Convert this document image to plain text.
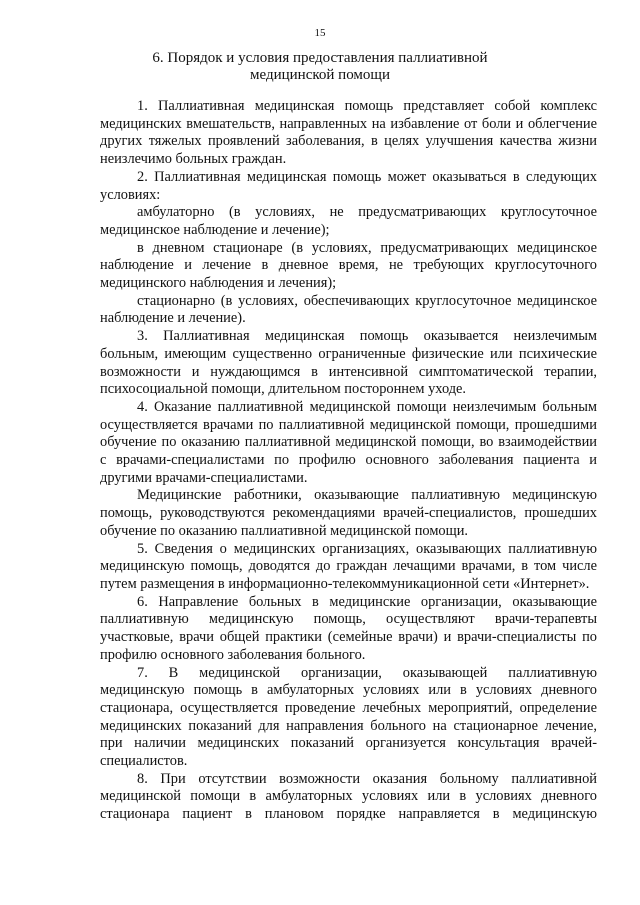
15
6. Порядок и условия предоставления паллиативной
медицинской помощи

1. Паллиативная медицинская помощь представляет собой комплекс медицинских вмешательств, направленных на избавление от боли и облегчение других тяжелых проявлений заболевания, в целях улучшения качества жизни неизлечимо больных граждан.

2. Паллиативная медицинская помощь может оказываться в следующих условиях:

амбулаторно (в условиях, не предусматривающих круглосуточное медицинское наблюдение и лечение);

в дневном стационаре (в условиях, предусматривающих медицинское наблюдение и лечение в дневное время, не требующих круглосуточного медицинского наблюдения и лечения);

стационарно (в условиях, обеспечивающих круглосуточное медицинское наблюдение и лечение).

3. Паллиативная медицинская помощь оказывается неизлечимым больным, имеющим существенно ограниченные физические или психические возможности и нуждающимся в интенсивной симптоматической терапии, психосоциальной помощи, длительном постороннем уходе.

4. Оказание паллиативной медицинской помощи неизлечимым больным осуществляется врачами по паллиативной медицинской помощи, прошедшими обучение по оказанию паллиативной медицинской помощи, во взаимодействии с врачами-специалистами по профилю основного заболевания пациента и другими врачами-специалистами.

Медицинские работники, оказывающие паллиативную медицинскую помощь, руководствуются рекомендациями врачей-специалистов, прошедших обучение по оказанию паллиативной медицинской помощи.

5. Сведения о медицинских организациях, оказывающих паллиативную медицинскую помощь, доводятся до граждан лечащими врачами, в том числе путем размещения в информационно-телекоммуникационной сети «Интернет».

6. Направление больных в медицинские организации, оказывающие паллиативную медицинскую помощь, осуществляют врачи-терапевты участковые, врачи общей практики (семейные врачи) и врачи-специалисты по профилю основного заболевания больного.

7. В медицинской организации, оказывающей паллиативную медицинскую помощь в амбулаторных условиях или в условиях дневного стационара, осуществляется проведение лечебных мероприятий, определение медицинских показаний для направления больного на стационарное лечение, при наличии медицинских показаний организуется консультация врачей-специалистов.

8. При отсутствии возможности оказания больному паллиативной медицинской помощи в амбулаторных условиях или в условиях дневного стационара пациент в плановом порядке направляется в медицинскую
